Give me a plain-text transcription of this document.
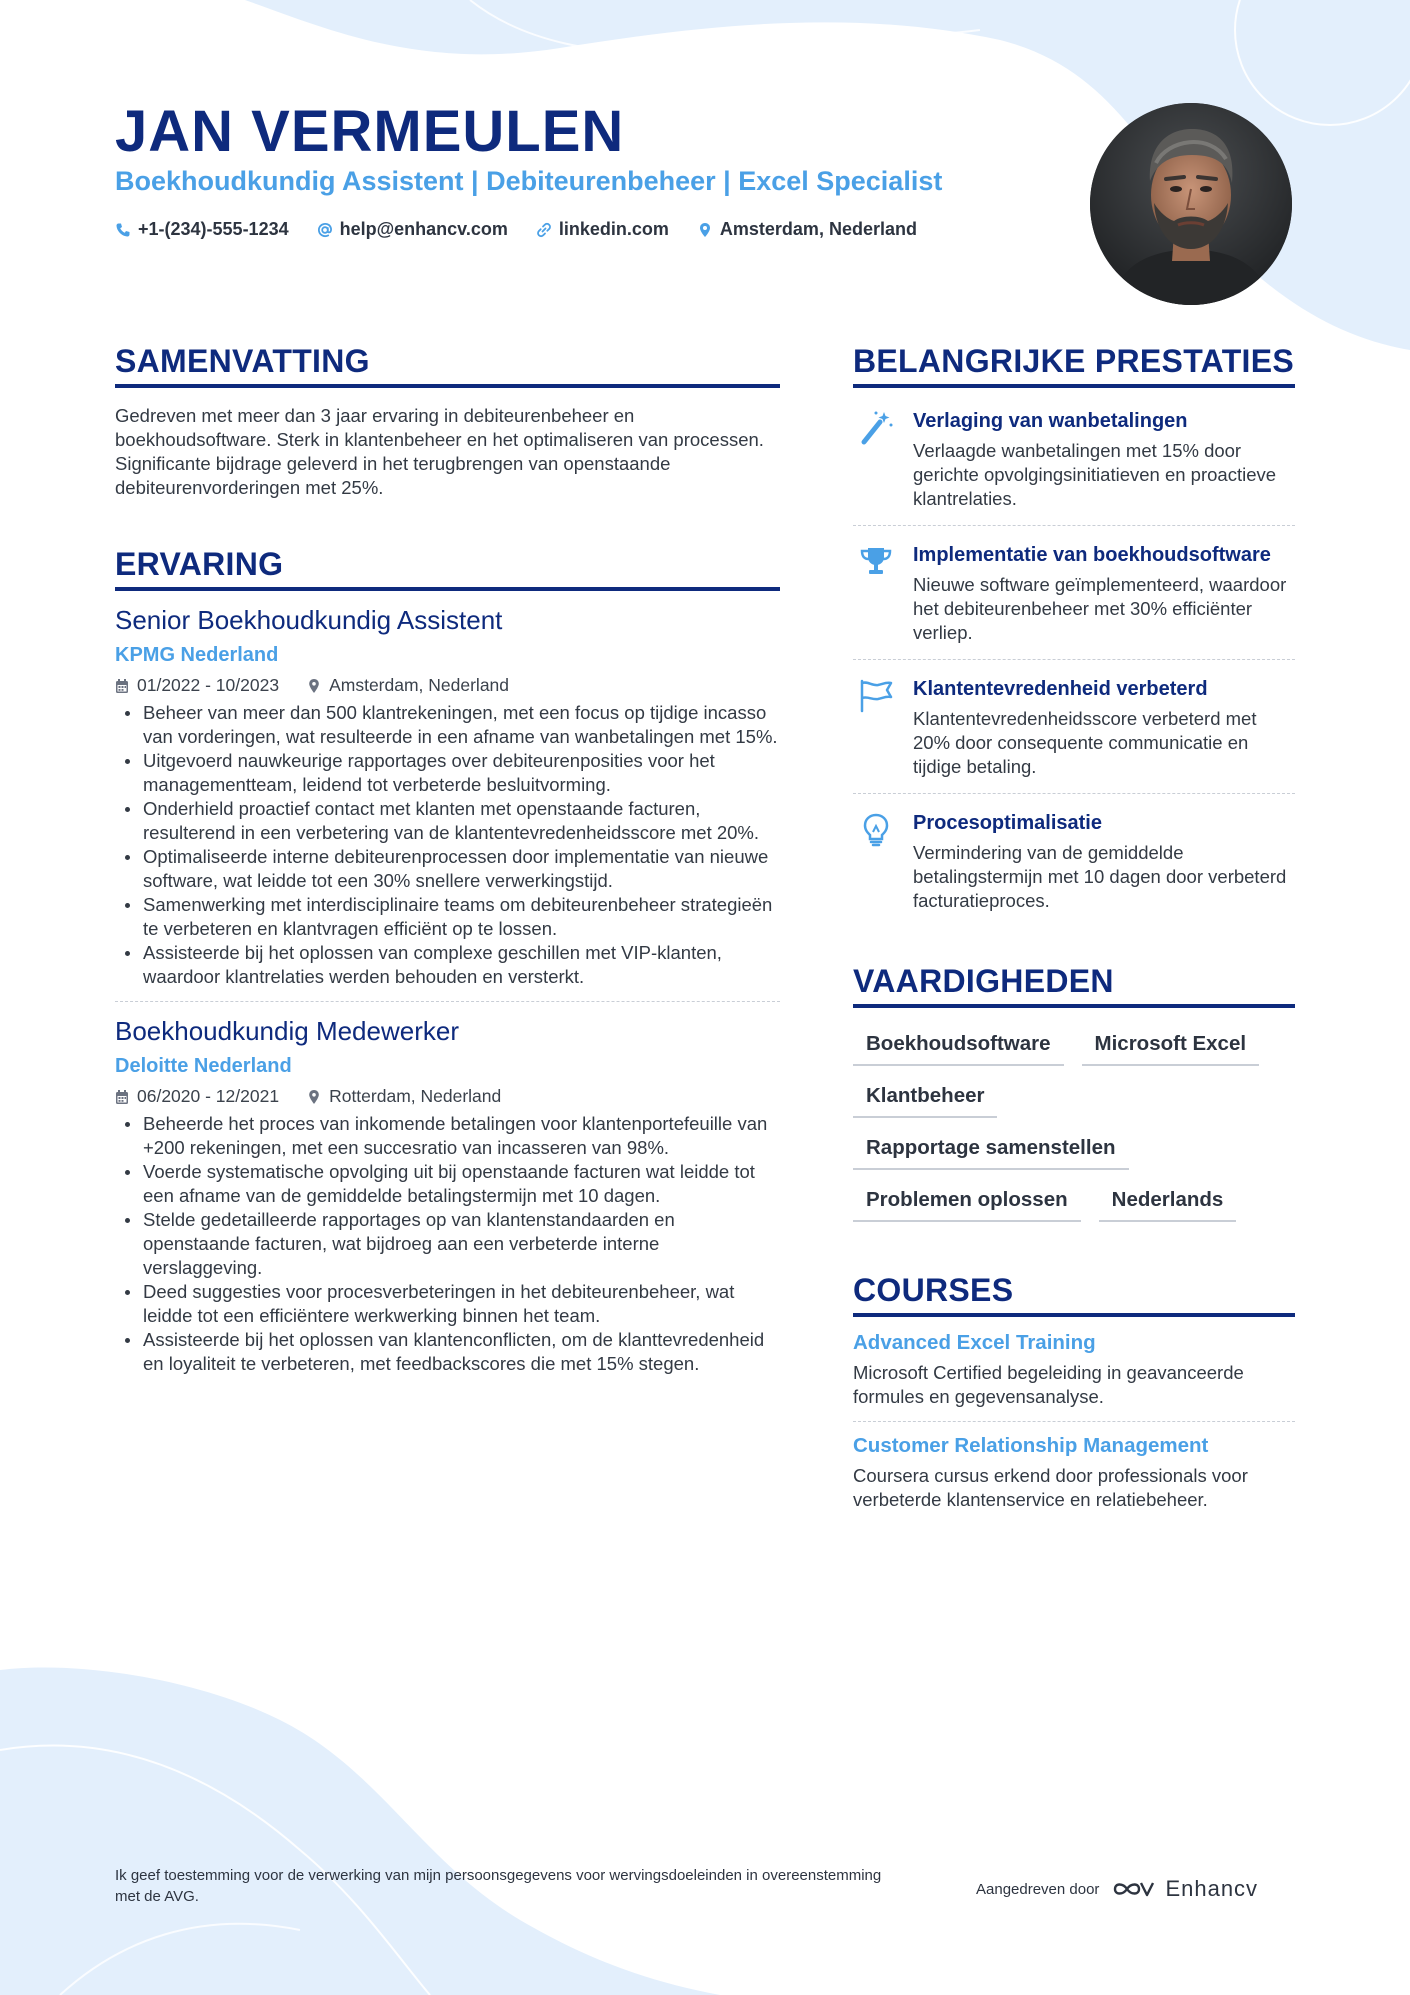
JAN VERMEULEN
Boekhoudkundig Assistent | Debiteurenbeheer | Excel Specialist
+1-(234)-555-1234	help@enhancv.com	linkedin.com	Amsterdam, Nederland
SAMENVATTING
Gedreven met meer dan 3 jaar ervaring in debiteurenbeheer en boekhoudsoftware. Sterk in klantenbeheer en het optimaliseren van processen. Significante bijdrage geleverd in het terugbrengen van openstaande debiteurenvorderingen met 25%.
ERVARING
Senior Boekhoudkundig Assistent
KPMG Nederland
01/2022 - 10/2023	Amsterdam, Nederland
Beheer van meer dan 500 klantrekeningen, met een focus op tijdige incasso van vorderingen, wat resulteerde in een afname van wanbetalingen met 15%.
Uitgevoerd nauwkeurige rapportages over debiteurenposities voor het managementteam, leidend tot verbeterde besluitvorming.
Onderhield proactief contact met klanten met openstaande facturen, resulterend in een verbetering van de klantentevredenheidsscore met 20%.
Optimaliseerde interne debiteurenprocessen door implementatie van nieuwe software, wat leidde tot een 30% snellere verwerkingstijd.
Samenwerking met interdisciplinaire teams om debiteurenbeheer strategieën te verbeteren en klantvragen efficiënt op te lossen.
Assisteerde bij het oplossen van complexe geschillen met VIP-klanten, waardoor klantrelaties werden behouden en versterkt.
Boekhoudkundig Medewerker
Deloitte Nederland
06/2020 - 12/2021	Rotterdam, Nederland
Beheerde het proces van inkomende betalingen voor klantenportefeuille van +200 rekeningen, met een succesratio van incasseren van 98%.
Voerde systematische opvolging uit bij openstaande facturen wat leidde tot een afname van de gemiddelde betalingstermijn met 10 dagen.
Stelde gedetailleerde rapportages op van klantenstandaarden en openstaande facturen, wat bijdroeg aan een verbeterde interne verslaggeving.
Deed suggesties voor procesverbeteringen in het debiteurenbeheer, wat leidde tot een efficiëntere werkwerking binnen het team.
Assisteerde bij het oplossen van klantenconflicten, om de klanttevredenheid en loyaliteit te verbeteren, met feedbackscores die met 15% stegen.
BELANGRIJKE PRESTATIES
Verlaging van wanbetalingen
Verlaagde wanbetalingen met 15% door gerichte opvolgingsinitiatieven en proactieve klantrelaties.
Implementatie van boekhoudsoftware
Nieuwe software geïmplementeerd, waardoor het debiteurenbeheer met 30% efficiënter verliep.
Klantentevredenheid verbeterd
Klantentevredenheidsscore verbeterd met 20% door consequente communicatie en tijdige betaling.
Procesoptimalisatie
Vermindering van de gemiddelde betalingstermijn met 10 dagen door verbeterd facturatieproces.
VAARDIGHEDEN
Boekhoudsoftware	Microsoft Excel
Klantbeheer
Rapportage samenstellen
Problemen oplossen	Nederlands
COURSES
Advanced Excel Training
Microsoft Certified begeleiding in geavanceerde formules en gegevensanalyse.
Customer Relationship Management
Coursera cursus erkend door professionals voor verbeterde klantenservice en relatiebeheer.
Ik geef toestemming voor de verwerking van mijn persoonsgegevens voor wervingsdoeleinden in overeenstemming met de AVG.	Aangedreven door	Enhancv
